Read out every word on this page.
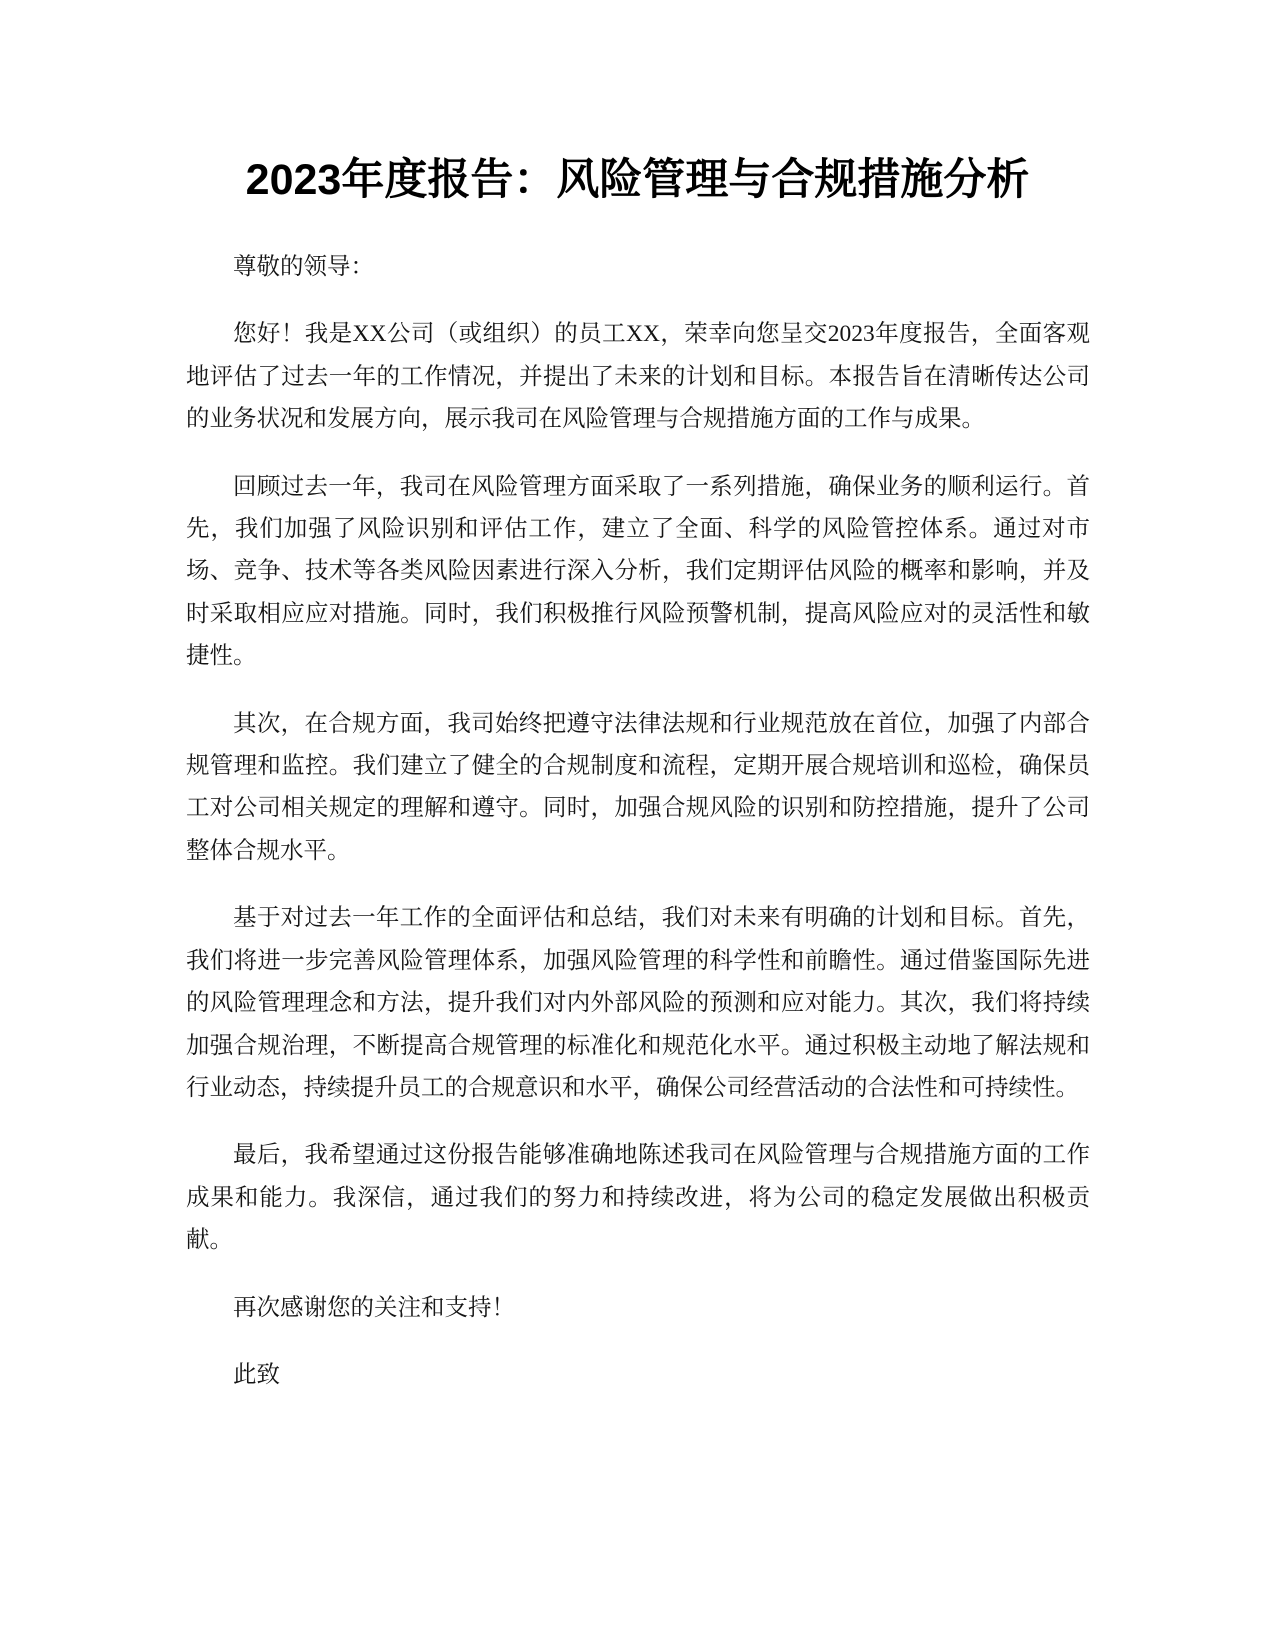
2023年度报告：风险管理与合规措施分析

尊敬的领导：

您好！我是XX公司（或组织）的员工XX，荣幸向您呈交2023年度报告，全面客观地评估了过去一年的工作情况，并提出了未来的计划和目标。本报告旨在清晰传达公司的业务状况和发展方向，展示我司在风险管理与合规措施方面的工作与成果。

回顾过去一年，我司在风险管理方面采取了一系列措施，确保业务的顺利运行。首先，我们加强了风险识别和评估工作，建立了全面、科学的风险管控体系。通过对市场、竞争、技术等各类风险因素进行深入分析，我们定期评估风险的概率和影响，并及时采取相应应对措施。同时，我们积极推行风险预警机制，提高风险应对的灵活性和敏捷性。

其次，在合规方面，我司始终把遵守法律法规和行业规范放在首位，加强了内部合规管理和监控。我们建立了健全的合规制度和流程，定期开展合规培训和巡检，确保员工对公司相关规定的理解和遵守。同时，加强合规风险的识别和防控措施，提升了公司整体合规水平。

基于对过去一年工作的全面评估和总结，我们对未来有明确的计划和目标。首先，我们将进一步完善风险管理体系，加强风险管理的科学性和前瞻性。通过借鉴国际先进的风险管理理念和方法，提升我们对内外部风险的预测和应对能力。其次，我们将持续加强合规治理，不断提高合规管理的标准化和规范化水平。通过积极主动地了解法规和行业动态，持续提升员工的合规意识和水平，确保公司经营活动的合法性和可持续性。

最后，我希望通过这份报告能够准确地陈述我司在风险管理与合规措施方面的工作成果和能力。我深信，通过我们的努力和持续改进，将为公司的稳定发展做出积极贡献。

再次感谢您的关注和支持！

此致
